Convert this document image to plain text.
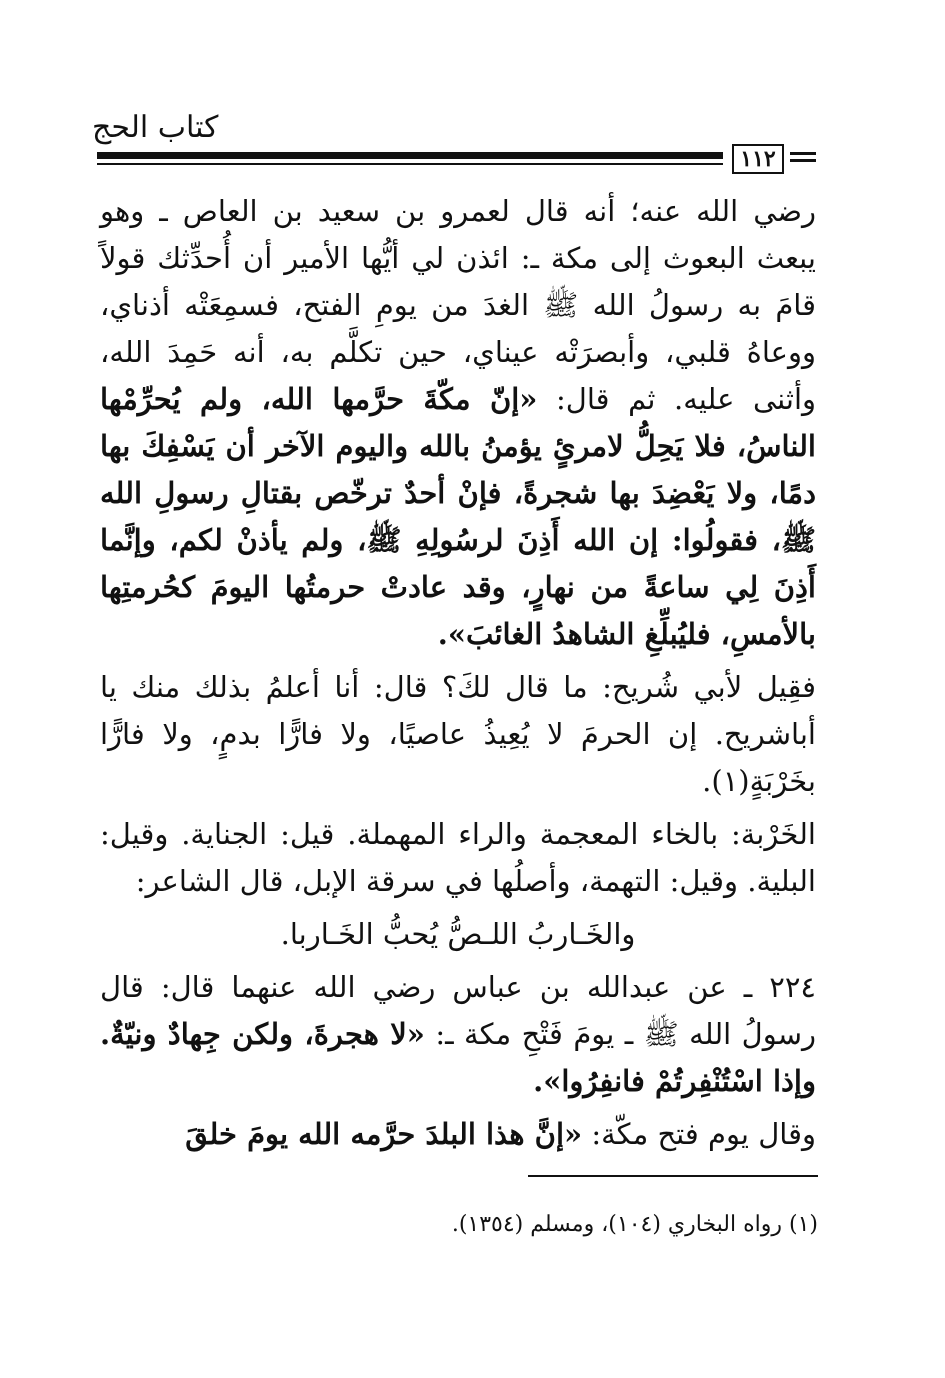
كتاب الحج
١١٢

رضي الله عنه؛ أنه قال لعمرو بن سعيد بن العاص ـ وهو يبعث البعوث إلى مكة ـ: ائذن لي أيُّها الأمير أن أُحدِّثك قولاً قامَ به رسولُ الله ﷺ الغدَ من يومِ الفتح، فسمِعَتْه أذناي، ووعاهُ قلبي، وأبصرَتْه عيناي، حين تكلَّم به، أنه حَمِدَ الله، وأثنى عليه. ثم قال: «إنّ مكّةَ حرَّمها الله، ولم يُحرِّمْها الناسُ، فلا يَحِلُّ لامرئٍ يؤمنُ بالله واليوم الآخر أن يَسْفِكَ بها دمًا، ولا يَعْضِدَ بها شجرةً، فإنْ أحدٌ ترخّص بقتالِ رسولِ الله ﷺ، فقولُوا: إن الله أَذِنَ لرسُولِهِ ﷺ، ولم يأذنْ لكم، وإنَّما أَذِنَ لِي ساعةً من نهارٍ، وقد عادتْ حرمتُها اليومَ كحُرمتِها بالأمسِ، فليُبلِّغِ الشاهدُ الغائبَ».

فقِيل لأبي شُريح: ما قال لكَ؟ قال: أنا أعلمُ بذلك منك يا أباشريح. إن الحرمَ لا يُعِيذُ عاصيًا، ولا فارًّا بدمٍ، ولا فارًّا بخَرْبَةٍ(١).

الخَرْبة: بالخاء المعجمة والراء المهملة. قيل: الجناية. وقيل: البلية. وقيل: التهمة، وأصلُها في سرقة الإبل، قال الشاعر:

والخَـاربُ اللـصُّ يُحبُّ الخَـاربا.

٢٢٤ ـ عن عبدالله بن عباس رضي الله عنهما قال: قال رسولُ الله ﷺ ـ يومَ فَتْحِ مكة ـ: «لا هجرةَ، ولكن جِهادٌ ونيّةٌ. وإذا اسْتُنْفِرتُمْ فانفِرُوا».

وقال يوم فتح مكّة: «إنَّ هذا البلدَ حرَّمه الله يومَ خلقَ

(١) رواه البخاري (١٠٤)، ومسلم (١٣٥٤).
